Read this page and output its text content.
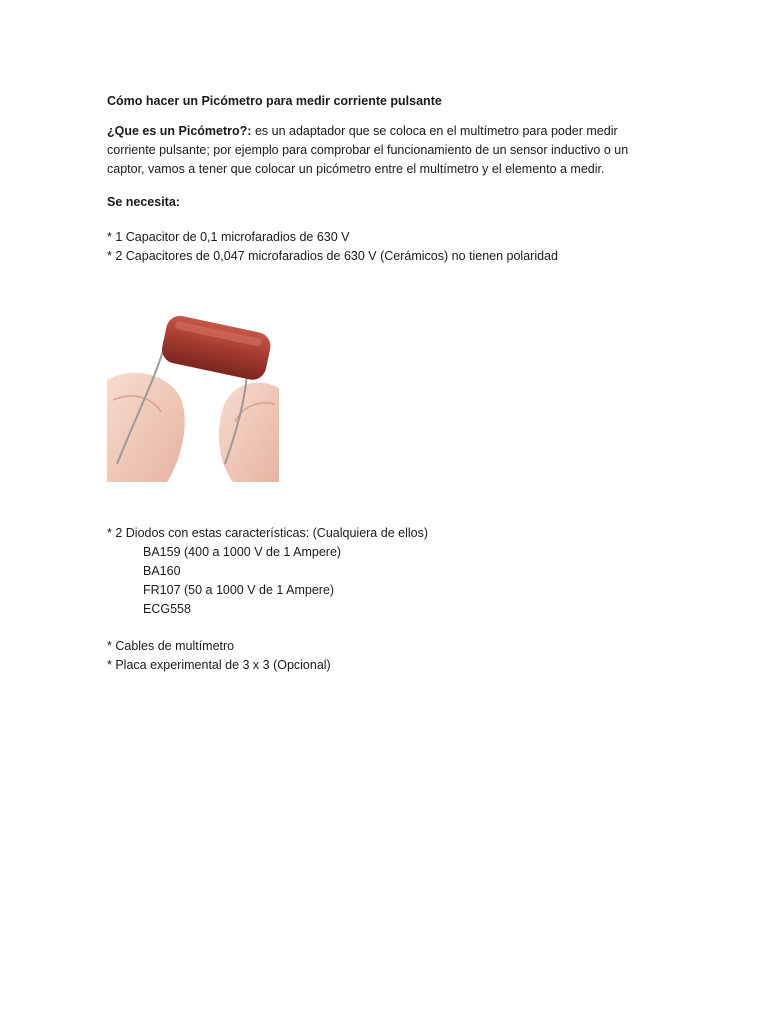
Cómo hacer un Picómetro para medir corriente pulsante

¿Que es un Picómetro?: es un adaptador que se coloca en el multímetro para poder medir corriente pulsante; por ejemplo para comprobar el funcionamiento de un sensor inductivo o un captor, vamos a tener que colocar un picómetro entre el multímetro y el elemento a medir.

Se necesita:

* 1 Capacitor de 0,1 microfaradios de 630 V
* 2 Capacitores de 0,047 microfaradios de 630 V (Cerámicos) no tienen polaridad
* 2 Diodos con estas características: (Cualquiera de ellos)
BA159 (400 a 1000 V de 1 Ampere)
BA160
FR107 (50 a 1000 V de 1 Ampere)
ECG558
* Cables de multímetro
* Placa experimental de 3 x 3 (Opcional)
